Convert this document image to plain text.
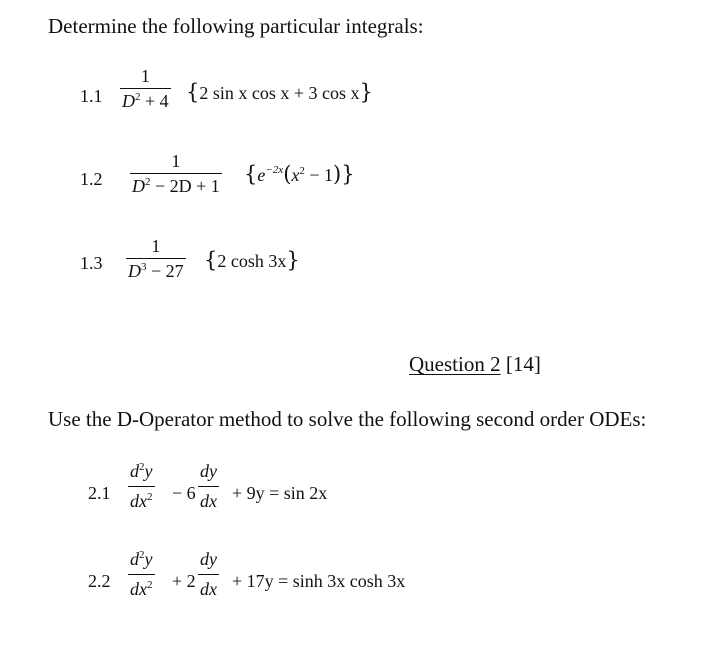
Determine the following particular integrals:
1.1
1
$D^2 + 4$ {2 sin x cos x + 3 cos x}
1.2
1
$D^2 - 2D + 1$ $\{e^{-2x}(x^2 - 1)\}$
1.3
1
$D^3 - 27$ {2 cosh 3x}
Question 2 [14]
Use the D-Operator method to solve the following second order ODEs:
2.1
$d^2y$
$dx^2 - 6$
dy
dx + 9y = sin 2x
2.2
$d^2y$
$dx^2 + 2$
dy
dx + 17y = sinh 3x cosh 3x
